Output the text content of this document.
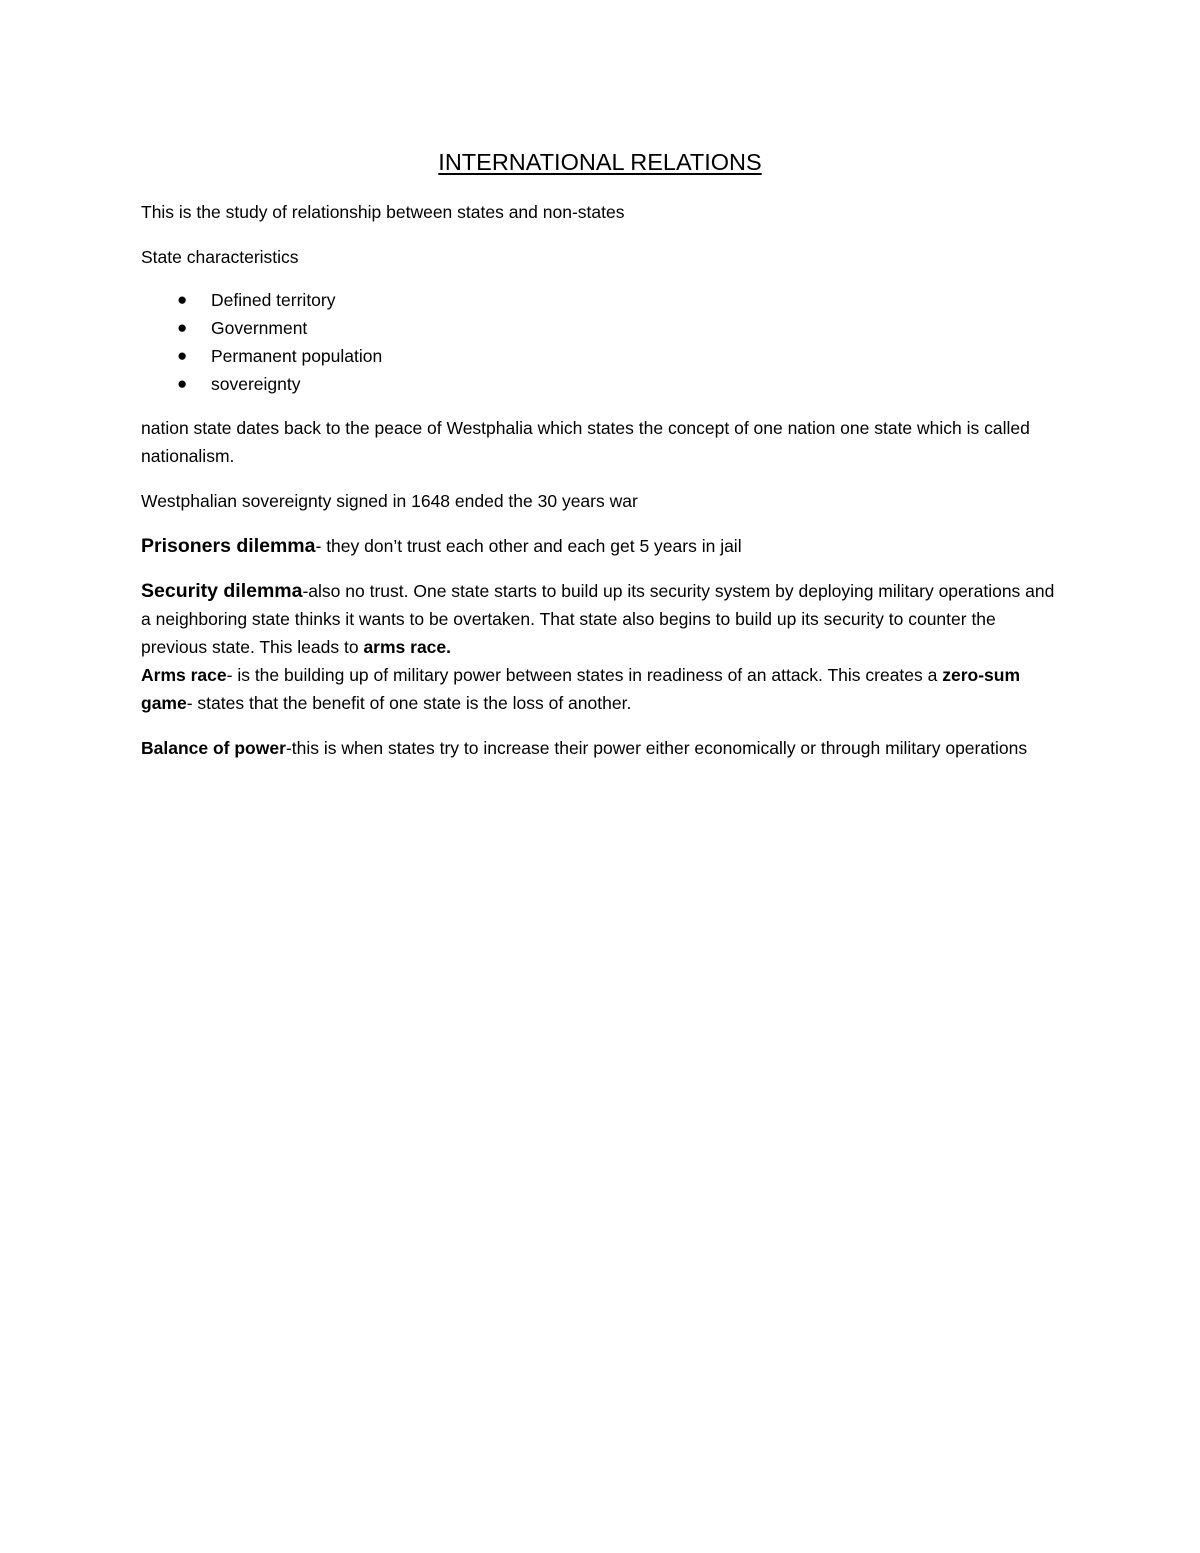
INTERNATIONAL RELATIONS

This is the study of relationship between states and non-states

State characteristics

● Defined territory
● Government
● Permanent population
● sovereignty

nation state dates back to the peace of Westphalia which states the concept of one nation one state which is called nationalism.

Westphalian sovereignty signed in 1648 ended the 30 years war

Prisoners dilemma- they don’t trust each other and each get 5 years in jail

Security dilemma-also no trust. One state starts to build up its security system by deploying military operations and a neighboring state thinks it wants to be overtaken. That state also begins to build up its security to counter the previous state. This leads to arms race.

Arms race- is the building up of military power between states in readiness of an attack. This creates a zero-sum game- states that the benefit of one state is the loss of another.

Balance of power-this is when states try to increase their power either economically or through military operations
